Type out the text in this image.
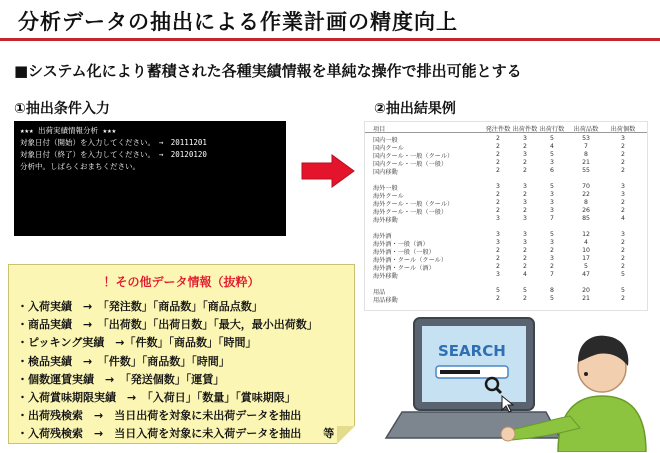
分析データの抽出による作業計画の精度向上
■システム化により蓄積された各種実績情報を単純な操作で排出可能とする
①抽出条件入力	②抽出結果例
★★★ 出荷実績情報分析 ★★★
対象日付（開始）を入力してください。　→　20111201
対象日付（終了）を入力してください。　→　20120120
分析中。しばらくおまちください。
項目	発注件数 出荷件数 出荷行数	出荷品数	出荷個数
国内一般	2	3	5	53	3
国内クール	2	2	4	7	2
国内クール・一般（クール）	2	3	5	8	2
国内クール・一般（一般）	2	2	3	21	2
国内移動	2	2	6	55	2
海外一般	3	3	5	70	3
海外クール	2	2	3	22	3
海外クール・一般（クール）	2	3	3	8	2
海外クール・一般（一般）	2	2	3	26	2
海外移動	3	3	7	85	4
海外酒	3	3	5	12	3
海外酒・一般（酒）	3	3	3	4	2
海外酒・一般（一般）	2	2	2	10	2
海外酒・クール（クール）	2	2	3	17	2
海外酒・クール（酒）	2	2	2	5	2
海外移動	3	4	7	47	5
用品	5	5	8	20	5
用品移動	2	2	5	21	2
！その他データ情報（抜粋）
・入荷実績　→　「発注数」「商品数」「商品点数」
・商品実績　→　「出荷数」「出荷日数」「最大，最小出荷数」
・ピッキング実績　→「件数」「商品数」「時間」
・検品実績　→　「件数」「商品数」「時間」
・個数運賃実績　→　「発送個数」「運賃」
・入荷賞味期限実績　→　「入荷日」「数量」「賞味期限」
・出荷残検索　→　当日出荷を対象に未出荷データを抽出
・入荷残検索　→　当日入荷を対象に未入荷データを抽出　　等
SEARCH
